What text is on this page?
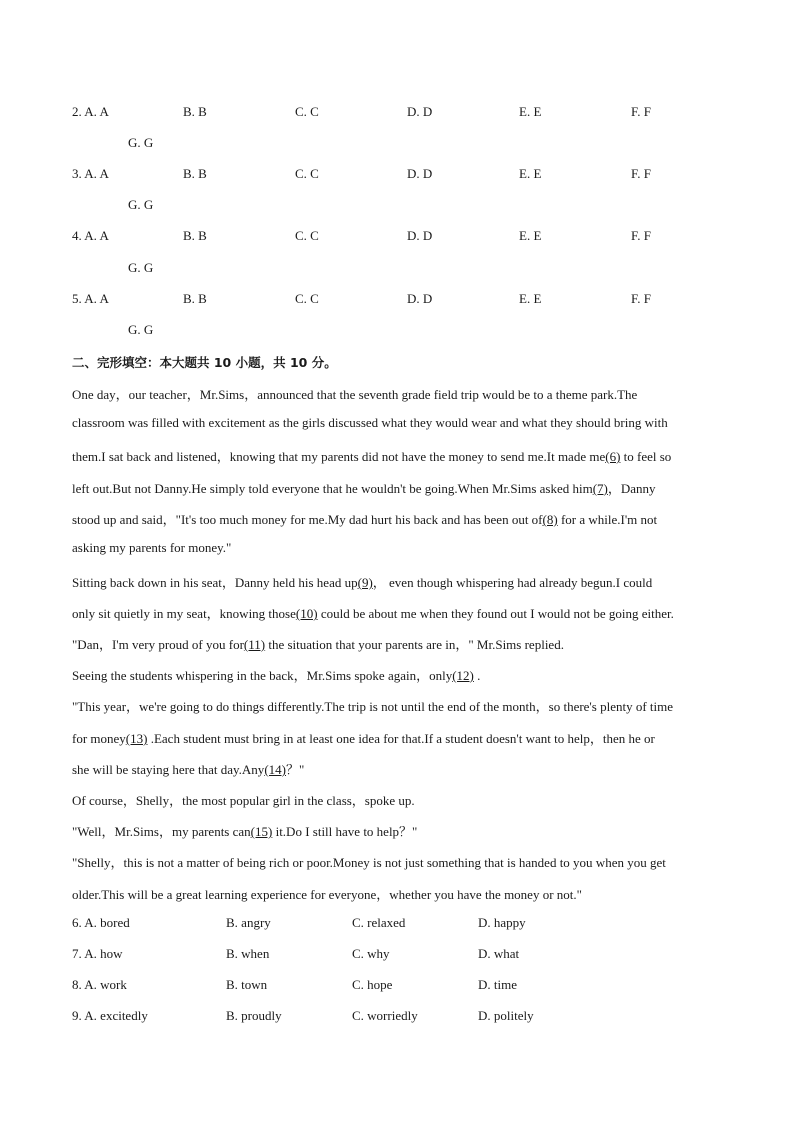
2. A. A	B. B	C. C	D. D	E. E	F. F
G. G
3. A. A	B. B	C. C	D. D	E. E	F. F
G. G
4. A. A	B. B	C. C	D. D	E. E	F. F
G. G
5. A. A	B. B	C. C	D. D	E. E	F. F
G. G
二、完形填空：本大题共 10 小题，共 10 分。
One day，our teacher，Mr.Sims，announced that the seventh grade field trip would be to a theme park.The
classroom was filled with excitement as the girls discussed what they would wear and what they should bring with
them.I sat back and listened，knowing that my parents did not have the money to send me.It made me(6) to feel so
left out.But not Danny.He simply told everyone that he wouldn't be going.When Mr.Sims asked him(7)，Danny
stood up and said，"It's too much money for me.My dad hurt his back and has been out of(8) for a while.I'm not
asking my parents for money."
Sitting back down in his seat，Danny held his head up(9)， even though whispering had already begun.I could
only sit quietly in my seat，knowing those(10) could be about me when they found out I would not be going either.
"Dan，I'm very proud of you for(11) the situation that your parents are in，" Mr.Sims replied.
Seeing the students whispering in the back，Mr.Sims spoke again，only(12) .
"This year，we're going to do things differently.The trip is not until the end of the month，so there's plenty of time
for money(13) .Each student must bring in at least one idea for that.If a student doesn't want to help，then he or
she will be staying here that day.Any(14)？"
Of course，Shelly，the most popular girl in the class，spoke up.
"Well，Mr.Sims，my parents can(15) it.Do I still have to help？"
"Shelly，this is not a matter of being rich or poor.Money is not just something that is handed to you when you get
older.This will be a great learning experience for everyone，whether you have the money or not."
6. A. bored	B. angry	C. relaxed	D. happy
7. A. how	B. when	C. why	D. what
8. A. work	B. town	C. hope	D. time
9. A. excitedly	B. proudly	C. worriedly	D. politely
